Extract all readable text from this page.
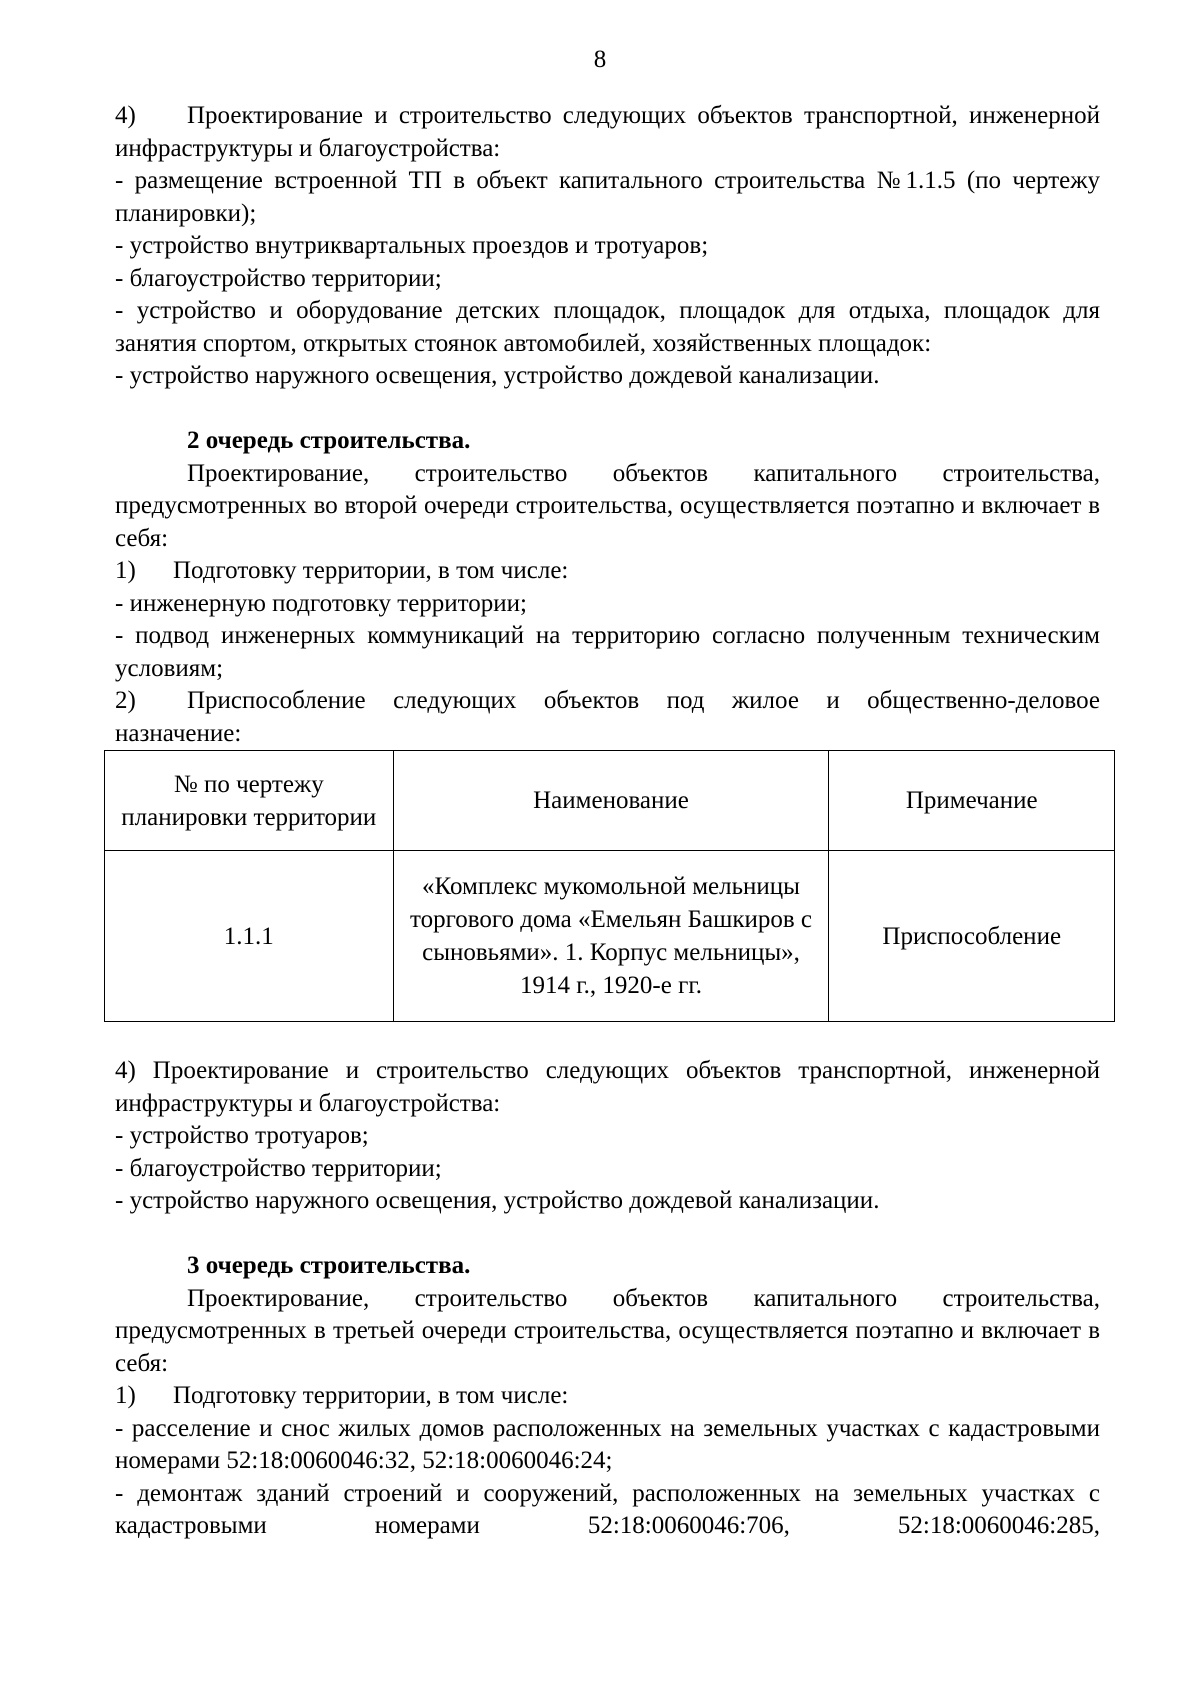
8

4) Проектирование и строительство следующих объектов транспортной, инженерной инфраструктуры и благоустройства:

- размещение встроенной ТП в объект капитального строительства №1.1.5 (по чертежу планировки);

- устройство внутриквартальных проездов и тротуаров;

- благоустройство территории;

- устройство и оборудование детских площадок, площадок для отдыха, площадок для занятия спортом, открытых стоянок автомобилей, хозяйственных площадок:

- устройство наружного освещения, устройство дождевой канализации.

2 очередь строительства.

Проектирование, строительство объектов капитального строительства, предусмотренных во второй очереди строительства, осуществляется поэтапно и включает в себя:

1) Подготовку территории, в том числе:

- инженерную подготовку территории;

- подвод инженерных коммуникаций на территорию согласно полученным техническим условиям;

2) Приспособление следующих объектов под жилое и общественно-деловое назначение:

№ по чертежу планировки территории	Наименование	Примечание
1.1.1	«Комплекс мукомольной мельницы торгового дома «Емельян Башкиров с сыновьями». 1. Корпус мельницы», 1914 г., 1920-е гг.	Приспособление

4) Проектирование и строительство следующих объектов транспортной, инженерной инфраструктуры и благоустройства:

- устройство тротуаров;

- благоустройство территории;

- устройство наружного освещения, устройство дождевой канализации.

3 очередь строительства.

Проектирование, строительство объектов капитального строительства, предусмотренных в третьей очереди строительства, осуществляется поэтапно и включает в себя:

1) Подготовку территории, в том числе:

- расселение и снос жилых домов расположенных на земельных участках с кадастровыми номерами 52:18:0060046:32, 52:18:0060046:24;

- демонтаж зданий строений и сооружений, расположенных на земельных участках с кадастровыми номерами 52:18:0060046:706, 52:18:0060046:285,
